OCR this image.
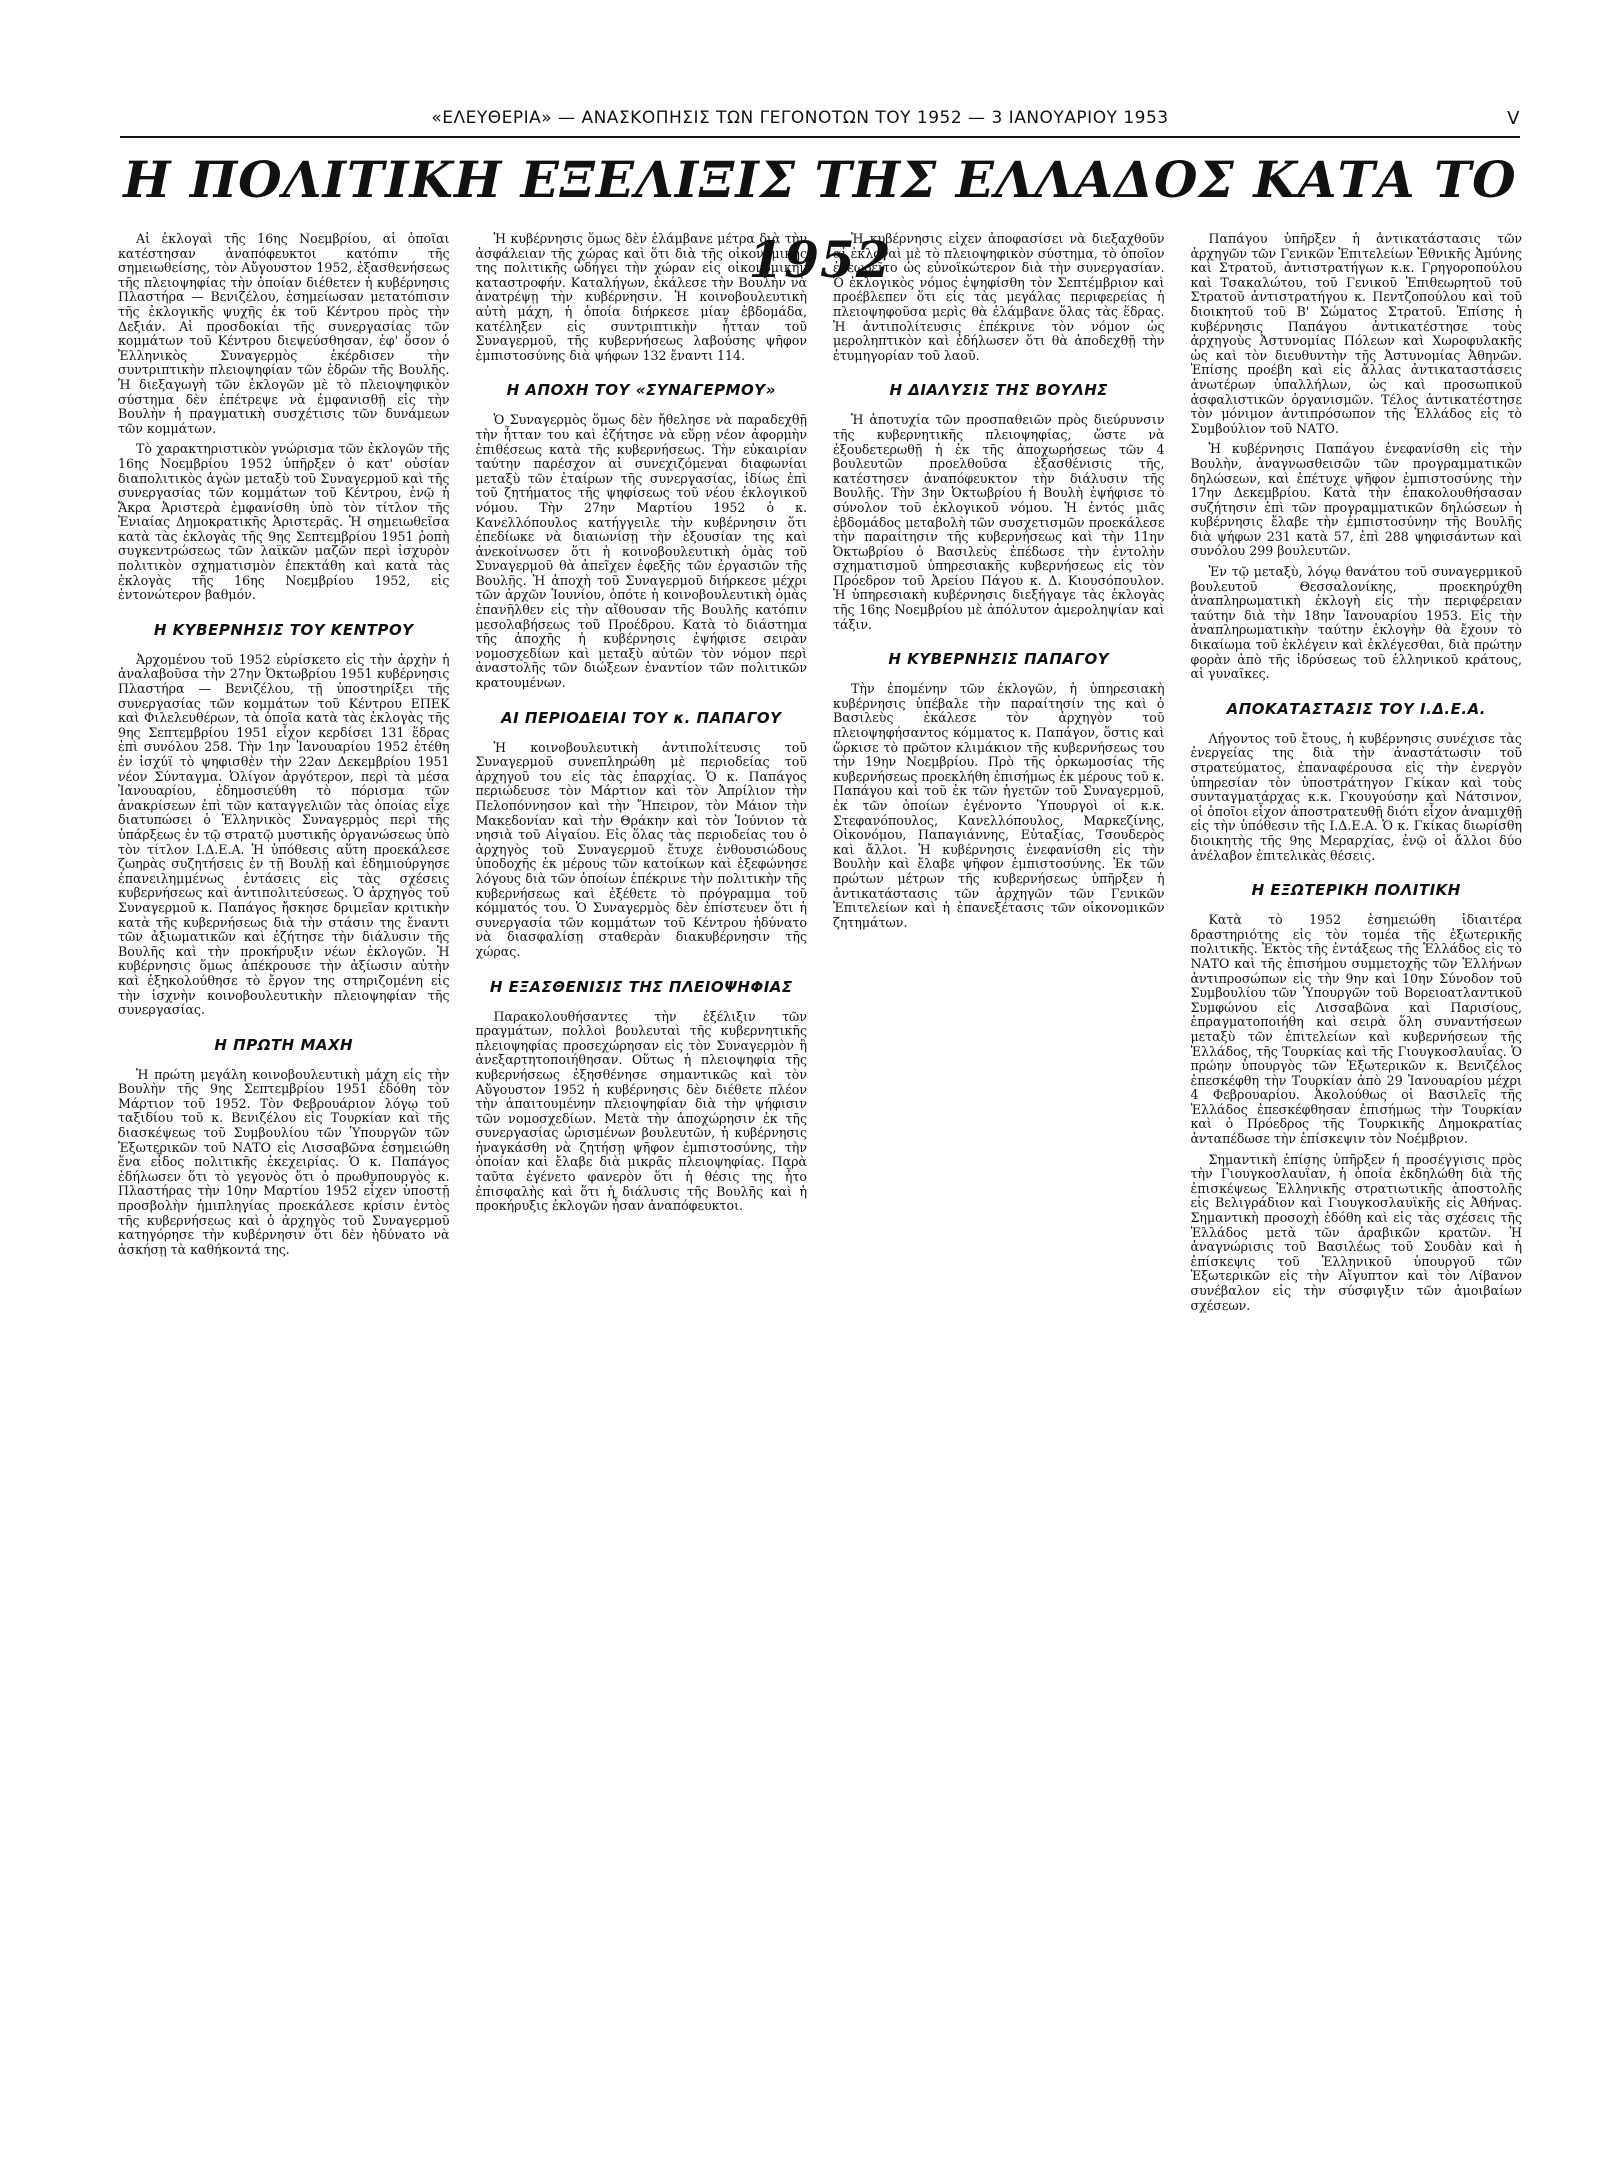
«ΕΛΕΥΘΕΡΙΑ» — ΑΝΑΣΚΟΠΗΣΙΣ ΤΩΝ ΓΕΓΟΝΟΤΩΝ ΤΟΥ 1952 — 3 ΙΑΝΟΥΑΡΙΟΥ 1953	V
Η ΠΟΛΙΤΙΚΗ ΕΞΕΛΙΞΙΣ ΤΗΣ ΕΛΛΑΔΟΣ ΚΑΤΑ ΤΟ 1952

Αἱ ἐκλογαὶ τῆς 16ης Νοεμβρίου, αἱ ὁποῖαι κατέστησαν ἀναπόφευκτοι κατόπιν τῆς σημειωθείσης, τὸν Αὔγουστον 1952, ἐξασθενήσεως τῆς πλειοψηφίας τὴν ὁποίαν διέθετεν ἡ κυβέρνησις Πλαστήρα — Βενιζέλου, ἐσημείωσαν μετατόπισιν τῆς ἐκλογικῆς ψυχῆς ἐκ τοῦ Κέντρου πρὸς τὴν Δεξιάν. Αἱ προσδοκίαι τῆς συνεργασίας τῶν κομμάτων τοῦ Κέντρου διεψεύσθησαν, ἐφ' ὅσον ὁ Ἑλληνικὸς Συναγερμὸς ἐκέρδισεν τὴν συντριπτικὴν πλειοψηφίαν τῶν ἑδρῶν τῆς Βουλῆς. Ἡ διεξαγωγὴ τῶν ἐκλογῶν μὲ τὸ πλειοψηφικὸν σύστημα δὲν ἐπέτρεψε νὰ ἐμφανισθῇ εἰς τὴν Βουλὴν ἡ πραγματικὴ συσχέτισις τῶν δυνάμεων τῶν κομμάτων.

Τὸ χαρακτηριστικὸν γνώρισμα τῶν ἐκλογῶν τῆς 16ης Νοεμβρίου 1952 ὑπῆρξεν ὁ κατ' οὐσίαν διαπολιτικὸς ἀγὼν μεταξὺ τοῦ Συναγερμοῦ καὶ τῆς συνεργασίας τῶν κομμάτων τοῦ Κέντρου, ἐνῷ ἡ Ἄκρα Ἀριστερὰ ἐμφανίσθη ὑπὸ τὸν τίτλον τῆς Ἑνιαίας Δημοκρατικῆς Ἀριστερᾶς. Ἡ σημειωθεῖσα κατὰ τὰς ἐκλογὰς τῆς 9ης Σεπτεμβρίου 1951 ῥοπὴ συγκεντρώσεως τῶν λαϊκῶν μαζῶν περὶ ἰσχυρὸν πολιτικὸν σχηματισμὸν ἐπεκτάθη καὶ κατὰ τὰς ἐκλογὰς τῆς 16ης Νοεμβρίου 1952, εἰς ἐντονώτερον βαθμόν.

Η ΚΥΒΕΡΝΗΣΙΣ ΤΟΥ ΚΕΝΤΡΟΥ

Ἀρχομένου τοῦ 1952 εὑρίσκετο εἰς τὴν ἀρχὴν ἡ ἀναλαβοῦσα τὴν 27ην Ὀκτωβρίου 1951 κυβέρνησις Πλαστήρα — Βενιζέλου, τῇ ὑποστηρίξει τῆς συνεργασίας τῶν κομμάτων τοῦ Κέντρου ΕΠΕΚ καὶ Φιλελευθέρων, τὰ ὁποῖα κατὰ τὰς ἐκλογὰς τῆς 9ης Σεπτεμβρίου 1951 εἶχον κερδίσει 131 ἕδρας ἐπὶ συνόλου 258. Τὴν 1ην Ἰανουαρίου 1952 ἐτέθη ἐν ἰσχύϊ τὸ ψηφισθὲν τὴν 22αν Δεκεμβρίου 1951 νέον Σύνταγμα. Ὀλίγον ἀργότερον, περὶ τὰ μέσα Ἰανουαρίου, ἐδημοσιεύθη τὸ πόρισμα τῶν ἀνακρίσεων ἐπὶ τῶν καταγγελιῶν τὰς ὁποίας εἶχε διατυπώσει ὁ Ἑλληνικὸς Συναγερμὸς περὶ τῆς ὑπάρξεως ἐν τῷ στρατῷ μυστικῆς ὀργανώσεως ὑπὸ τὸν τίτλον Ι.Δ.Ε.Α. Ἡ ὑπόθεσις αὕτη προεκάλεσε ζωηρὰς συζητήσεις ἐν τῇ Βουλῇ καὶ ἐδημιούργησε ἐπανειλημμένως ἐντάσεις εἰς τὰς σχέσεις κυβερνήσεως καὶ ἀντιπολιτεύσεως. Ὁ ἀρχηγὸς τοῦ Συναγερμοῦ κ. Παπάγος ἤσκησε δριμεῖαν κριτικὴν κατὰ τῆς κυβερνήσεως διὰ τὴν στάσιν της ἔναντι τῶν ἀξιωματικῶν καὶ ἐζήτησε τὴν διάλυσιν τῆς Βουλῆς καὶ τὴν προκήρυξιν νέων ἐκλογῶν. Ἡ κυβέρνησις ὅμως ἀπέκρουσε τὴν ἀξίωσιν αὐτὴν καὶ ἐξηκολούθησε τὸ ἔργον της στηριζομένη εἰς τὴν ἰσχνὴν κοινοβουλευτικὴν πλειοψηφίαν τῆς συνεργασίας.

Η ΠΡΩΤΗ ΜΑΧΗ

Ἡ πρώτη μεγάλη κοινοβουλευτικὴ μάχη εἰς τὴν Βουλὴν τῆς 9ης Σεπτεμβρίου 1951 ἐδόθη τὸν Μάρτιον τοῦ 1952. Τὸν Φεβρουάριον λόγῳ τοῦ ταξιδίου τοῦ κ. Βενιζέλου εἰς Τουρκίαν καὶ τῆς διασκέψεως τοῦ Συμβουλίου τῶν Ὑπουργῶν τῶν Ἐξωτερικῶν τοῦ ΝΑΤΟ εἰς Λισσαβῶνα ἐσημειώθη ἕνα εἶδος πολιτικῆς ἐκεχειρίας. Ὁ κ. Παπάγος ἐδήλωσεν ὅτι τὸ γεγονὸς ὅτι ὁ πρωθυπουργὸς κ. Πλαστήρας τὴν 10ην Μαρτίου 1952 εἶχεν ὑποστῇ προσβολὴν ἡμιπληγίας προεκάλεσε κρίσιν ἐντὸς τῆς κυβερνήσεως καὶ ὁ ἀρχηγὸς τοῦ Συναγερμοῦ κατηγόρησε τὴν κυβέρνησιν ὅτι δὲν ἠδύνατο νὰ ἀσκήσῃ τὰ καθήκοντά της.

Ἡ κυβέρνησις ὅμως δὲν ἐλάμβανε μέτρα διὰ τὴν ἀσφάλειαν τῆς χώρας καὶ ὅτι διὰ τῆς οἰκονομικῆς της πολιτικῆς ὡδήγει τὴν χώραν εἰς οἰκονομικὴν καταστροφήν. Καταλήγων, ἐκάλεσε τὴν Βουλὴν νὰ ἀνατρέψῃ τὴν κυβέρνησιν. Ἡ κοινοβουλευτικὴ αὐτὴ μάχη, ἡ ὁποία διήρκεσε μίαν ἑβδομάδα, κατέληξεν εἰς συντριπτικὴν ἧτταν τοῦ Συναγερμοῦ, τῆς κυβερνήσεως λαβούσης ψῆφον ἐμπιστοσύνης διὰ ψήφων 132 ἔναντι 114.

Η ΑΠΟΧΗ ΤΟΥ «ΣΥΝΑΓΕΡΜΟΥ»

Ὁ Συναγερμὸς ὅμως δὲν ἤθελησε νὰ παραδεχθῇ τὴν ἧτταν του καὶ ἐζήτησε νὰ εὕρῃ νέον ἀφορμὴν ἐπιθέσεως κατὰ τῆς κυβερνήσεως. Τὴν εὐκαιρίαν ταύτην παρέσχον αἱ συνεχιζόμεναι διαφωνίαι μεταξὺ τῶν ἐταίρων τῆς συνεργασίας, ἰδίως ἐπὶ τοῦ ζητήματος τῆς ψηφίσεως τοῦ νέου ἐκλογικοῦ νόμου. Τὴν 27ην Μαρτίου 1952 ὁ κ. Κανελλόπουλος κατήγγειλε τὴν κυβέρνησιν ὅτι ἐπεδίωκε νὰ διαιωνίσῃ τὴν ἐξουσίαν της καὶ ἀνεκοίνωσεν ὅτι ἡ κοινοβουλευτικὴ ὁμὰς τοῦ Συναγερμοῦ θὰ ἀπεῖχεν ἐφεξῆς τῶν ἐργασιῶν τῆς Βουλῆς. Ἡ ἀποχὴ τοῦ Συναγερμοῦ διήρκεσε μέχρι τῶν ἀρχῶν Ἰουνίου, ὁπότε ἡ κοινοβουλευτικὴ ὁμὰς ἐπανῆλθεν εἰς τὴν αἴθουσαν τῆς Βουλῆς κατόπιν μεσολαβήσεως τοῦ Προέδρου. Κατὰ τὸ διάστημα τῆς ἀποχῆς ἡ κυβέρνησις ἐψήφισε σειρὰν νομοσχεδίων καὶ μεταξὺ αὐτῶν τὸν νόμον περὶ ἀναστολῆς τῶν διώξεων ἐναντίον τῶν πολιτικῶν κρατουμένων.

ΑΙ ΠΕΡΙΟΔΕΙΑΙ ΤΟΥ κ. ΠΑΠΑΓΟΥ

Ἡ κοινοβουλευτικὴ ἀντιπολίτευσις τοῦ Συναγερμοῦ συνεπληρώθη μὲ περιοδείας τοῦ ἀρχηγοῦ του εἰς τὰς ἐπαρχίας. Ὁ κ. Παπάγος περιώδευσε τὸν Μάρτιον καὶ τὸν Ἀπρίλιον τὴν Πελοπόννησον καὶ τὴν Ἤπειρον, τὸν Μάιον τὴν Μακεδονίαν καὶ τὴν Θράκην καὶ τὸν Ἰούνιον τὰ νησιὰ τοῦ Αἰγαίου. Εἰς ὅλας τὰς περιοδείας του ὁ ἀρχηγὸς τοῦ Συναγερμοῦ ἔτυχε ἐνθουσιώδους ὑποδοχῆς ἐκ μέρους τῶν κατοίκων καὶ ἐξεφώνησε λόγους διὰ τῶν ὁποίων ἐπέκρινε τὴν πολιτικὴν τῆς κυβερνήσεως καὶ ἐξέθετε τὸ πρόγραμμα τοῦ κόμματός του. Ὁ Συναγερμὸς δὲν ἐπίστευεν ὅτι ἡ συνεργασία τῶν κομμάτων τοῦ Κέντρου ἠδύνατο νὰ διασφαλίσῃ σταθερὰν διακυβέρνησιν τῆς χώρας.

Η ΕΞΑΣΘΕΝΙΣΙΣ ΤΗΣ ΠΛΕΙΟΨΗΦΙΑΣ

Παρακολουθήσαντες τὴν ἐξέλιξιν τῶν πραγμάτων, πολλοὶ βουλευταὶ τῆς κυβερνητικῆς πλειοψηφίας προσεχώρησαν εἰς τὸν Συναγερμὸν ἢ ἀνεξαρτητοποιήθησαν. Οὕτως ἡ πλειοψηφία τῆς κυβερνήσεως ἐξησθένησε σημαντικῶς καὶ τὸν Αὔγουστον 1952 ἡ κυβέρνησις δὲν διέθετε πλέον τὴν ἀπαιτουμένην πλειοψηφίαν διὰ τὴν ψήφισιν τῶν νομοσχεδίων. Μετὰ τὴν ἀποχώρησιν ἐκ τῆς συνεργασίας ὡρισμένων βουλευτῶν, ἡ κυβέρνησις ἠναγκάσθη νὰ ζητήσῃ ψῆφον ἐμπιστοσύνης, τὴν ὁποίαν καὶ ἔλαβε διὰ μικρᾶς πλειοψηφίας. Παρὰ ταῦτα ἐγένετο φανερὸν ὅτι ἡ θέσις της ἦτο ἐπισφαλὴς καὶ ὅτι ἡ διάλυσις τῆς Βουλῆς καὶ ἡ προκήρυξις ἐκλογῶν ἦσαν ἀναπόφευκτοι.

Ἡ κυβέρνησις εἶχεν ἀποφασίσει νὰ διεξαχθοῦν αἱ ἐκλογαὶ μὲ τὸ πλειοψηφικὸν σύστημα, τὸ ὁποῖον ἐθεωρεῖτο ὡς εὐνοϊκώτερον διὰ τὴν συνεργασίαν. Ὁ ἐκλογικὸς νόμος ἐψηφίσθη τὸν Σεπτέμβριον καὶ προέβλεπεν ὅτι εἰς τὰς μεγάλας περιφερείας ἡ πλειοψηφοῦσα μερὶς θὰ ἐλάμβανε ὅλας τὰς ἕδρας. Ἡ ἀντιπολίτευσις ἐπέκρινε τὸν νόμον ὡς μεροληπτικὸν καὶ ἐδήλωσεν ὅτι θὰ ἀποδεχθῇ τὴν ἐτυμηγορίαν τοῦ λαοῦ.

Η ΔΙΑΛΥΣΙΣ ΤΗΣ ΒΟΥΛΗΣ

Ἡ ἀποτυχία τῶν προσπαθειῶν πρὸς διεύρυνσιν τῆς κυβερνητικῆς πλειοψηφίας, ὥστε νὰ ἐξουδετερωθῇ ἡ ἐκ τῆς ἀποχωρήσεως τῶν 4 βουλευτῶν προελθοῦσα ἐξασθένισις τῆς, κατέστησεν ἀναπόφευκτον τὴν διάλυσιν τῆς Βουλῆς. Τὴν 3ην Ὀκτωβρίου ἡ Βουλὴ ἐψήφισε τὸ σύνολον τοῦ ἐκλογικοῦ νόμου. Ἡ ἐντός μιᾶς ἑβδομάδος μεταβολὴ τῶν συσχετισμῶν προεκάλεσε τὴν παραίτησιν τῆς κυβερνήσεως καὶ τὴν 11ην Ὀκτωβρίου ὁ Βασιλεὺς ἐπέδωσε τὴν ἐντολὴν σχηματισμοῦ ὑπηρεσιακῆς κυβερνήσεως εἰς τὸν Πρόεδρον τοῦ Ἀρείου Πάγου κ. Δ. Κιουσόπουλον. Ἡ ὑπηρεσιακὴ κυβέρνησις διεξήγαγε τὰς ἐκλογὰς τῆς 16ης Νοεμβρίου μὲ ἀπόλυτον ἀμεροληψίαν καὶ τάξιν.

Η ΚΥΒΕΡΝΗΣΙΣ ΠΑΠΑΓΟΥ

Τὴν ἐπομένην τῶν ἐκλογῶν, ἡ ὑπηρεσιακὴ κυβέρνησις ὑπέβαλε τὴν παραίτησίν της καὶ ὁ Βασιλεὺς ἐκάλεσε τὸν ἀρχηγὸν τοῦ πλειοψηφήσαντος κόμματος κ. Παπάγον, ὅστις καὶ ὥρκισε τὸ πρῶτον κλιμάκιον τῆς κυβερνήσεως του τὴν 19ην Νοεμβρίου. Πρὸ τῆς ὁρκωμοσίας τῆς κυβερνήσεως προεκλήθη ἐπισήμως ἐκ μέρους τοῦ κ. Παπάγου καὶ τοῦ ἐκ τῶν ἡγετῶν τοῦ Συναγερμοῦ, ἐκ τῶν ὁποίων ἐγένοντο Ὑπουργοὶ οἱ κ.κ. Στεφανόπουλος, Κανελλόπουλος, Μαρκεζίνης, Οἰκονόμου, Παπαγιάννης, Εὐταξίας, Τσουδερὸς καὶ ἄλλοι. Ἡ κυβέρνησις ἐνεφανίσθη εἰς τὴν Βουλὴν καὶ ἔλαβε ψῆφον ἐμπιστοσύνης. Ἐκ τῶν πρώτων μέτρων τῆς κυβερνήσεως ὑπῆρξεν ἡ ἀντικατάστασις τῶν ἀρχηγῶν τῶν Γενικῶν Ἐπιτελείων καὶ ἡ ἐπανεξέτασις τῶν οἰκονομικῶν ζητημάτων.

Παπάγου ὑπῆρξεν ἡ ἀντικατάστασις τῶν ἀρχηγῶν τῶν Γενικῶν Ἐπιτελείων Ἐθνικῆς Ἀμύνης καὶ Στρατοῦ, ἀντιστρατήγων κ.κ. Γρηγοροπούλου καὶ Τσακαλώτου, τοῦ Γενικοῦ Ἐπιθεωρητοῦ τοῦ Στρατοῦ ἀντιστρατήγου κ. Πεντζοπούλου καὶ τοῦ διοικητοῦ τοῦ Β' Σώματος Στρατοῦ. Ἐπίσης ἡ κυβέρνησις Παπάγου ἀντικατέστησε τοὺς ἀρχηγοὺς Ἀστυνομίας Πόλεων καὶ Χωροφυλακῆς ὡς καὶ τὸν διευθυντὴν τῆς Ἀστυνομίας Ἀθηνῶν. Ἐπίσης προέβη καὶ εἰς ἄλλας ἀντικαταστάσεις ἀνωτέρων ὑπαλλήλων, ὡς καὶ προσωπικοῦ ἀσφαλιστικῶν ὀργανισμῶν. Τέλος ἀντικατέστησε τὸν μόνιμον ἀντιπρόσωπον τῆς Ἑλλάδος εἰς τὸ Συμβούλιον τοῦ ΝΑΤΟ.

Ἡ κυβέρνησις Παπάγου ἐνεφανίσθη εἰς τὴν Βουλὴν, ἀναγνωσθεισῶν τῶν προγραμματικῶν δηλώσεων, καὶ ἐπέτυχε ψῆφον ἐμπιστοσύνης τὴν 17ην Δεκεμβρίου. Κατὰ τὴν ἐπακολουθήσασαν συζήτησιν ἐπὶ τῶν προγραμματικῶν δηλώσεων ἡ κυβέρνησις ἔλαβε τὴν ἐμπιστοσύνην τῆς Βουλῆς διὰ ψήφων 231 κατὰ 57, ἐπὶ 288 ψηφισάντων καὶ συνόλου 299 βουλευτῶν.

Ἐν τῷ μεταξὺ, λόγῳ θανάτου τοῦ συναγερμικοῦ βουλευτοῦ Θεσσαλονίκης, προεκηρύχθη ἀναπληρωματικὴ ἐκλογὴ εἰς τὴν περιφέρειαν ταύτην διὰ τὴν 18ην Ἰανουαρίου 1953. Εἰς τὴν ἀναπληρωματικὴν ταύτην ἐκλογὴν θὰ ἔχουν τὸ δικαίωμα τοῦ ἐκλέγειν καὶ ἐκλέγεσθαι, διὰ πρώτην φορὰν ἀπὸ τῆς ἱδρύσεως τοῦ ἑλληνικοῦ κράτους, αἱ γυναῖκες.

ΑΠΟΚΑΤΑΣΤΑΣΙΣ ΤΟΥ Ι.Δ.Ε.Α.

Λήγοντος τοῦ ἔτους, ἡ κυβέρνησις συνέχισε τὰς ἐνεργείας της διὰ τὴν ἀναστάτωσιν τοῦ στρατεύματος, ἐπαναφέρουσα εἰς τὴν ἐνεργὸν ὑπηρεσίαν τὸν ὑποστράτηγον Γκίκαν καὶ τοὺς συνταγματάρχας κ.κ. Γκουγούσην καὶ Νάτσινον, οἱ ὁποῖοι εἶχον ἀποστρατευθῇ διότι εἶχον ἀναμιχθῇ εἰς τὴν ὑπόθεσιν τῆς Ι.Δ.Ε.Α. Ὁ κ. Γκίκας διωρίσθη διοικητὴς τῆς 9ης Μεραρχίας, ἐνῷ οἱ ἄλλοι δύο ἀνέλαβον ἐπιτελικὰς θέσεις.

Η ΕΞΩΤΕΡΙΚΗ ΠΟΛΙΤΙΚΗ

Κατὰ τὸ 1952 ἐσημειώθη ἰδιαιτέρα δραστηριότης εἰς τὸν τομέα τῆς ἐξωτερικῆς πολιτικῆς. Ἐκτὸς τῆς ἐντάξεως τῆς Ἑλλάδος εἰς τὸ ΝΑΤΟ καὶ τῆς ἐπισήμου συμμετοχῆς τῶν Ἑλλήνων ἀντιπροσώπων εἰς τὴν 9ην καὶ 10ην Σύνοδον τοῦ Συμβουλίου τῶν Ὑπουργῶν τοῦ Βορειοατλαντικοῦ Συμφώνου εἰς Λισσαβῶνα καὶ Παρισίους, ἐπραγματοποιήθη καὶ σειρὰ ὅλη συναντήσεων μεταξὺ τῶν ἐπιτελείων καὶ κυβερνήσεων τῆς Ἑλλάδος, τῆς Τουρκίας καὶ τῆς Γιουγκοσλαυΐας. Ὁ πρώην ὑπουργὸς τῶν Ἐξωτερικῶν κ. Βενιζέλος ἐπεσκέφθη τὴν Τουρκίαν ἀπὸ 29 Ἰανουαρίου μέχρι 4 Φεβρουαρίου. Ἀκολούθως οἱ Βασιλεῖς τῆς Ἑλλάδος ἐπεσκέφθησαν ἐπισήμως τὴν Τουρκίαν καὶ ὁ Πρόεδρος τῆς Τουρκικῆς Δημοκρατίας ἀνταπέδωσε τὴν ἐπίσκεψιν τὸν Νοέμβριον.

Σημαντικὴ ἐπίσης ὑπῆρξεν ἡ προσέγγισις πρὸς τὴν Γιουγκοσλαυΐαν, ἡ ὁποία ἐκδηλώθη διὰ τῆς ἐπισκέψεως Ἑλληνικῆς στρατιωτικῆς ἀποστολῆς εἰς Βελιγράδιον καὶ Γιουγκοσλαυϊκῆς εἰς Ἀθήνας. Σημαντικὴ προσοχὴ ἐδόθη καὶ εἰς τὰς σχέσεις τῆς Ἑλλάδος μετὰ τῶν ἀραβικῶν κρατῶν. Ἡ ἀναγνώρισις τοῦ Βασιλέως τοῦ Σουδὰν καὶ ἡ ἐπίσκεψις τοῦ Ἑλληνικοῦ ὑπουργοῦ τῶν Ἐξωτερικῶν εἰς τὴν Αἴγυπτον καὶ τὸν Λίβανον συνέβαλον εἰς τὴν σύσφιγξιν τῶν ἀμοιβαίων σχέσεων.
